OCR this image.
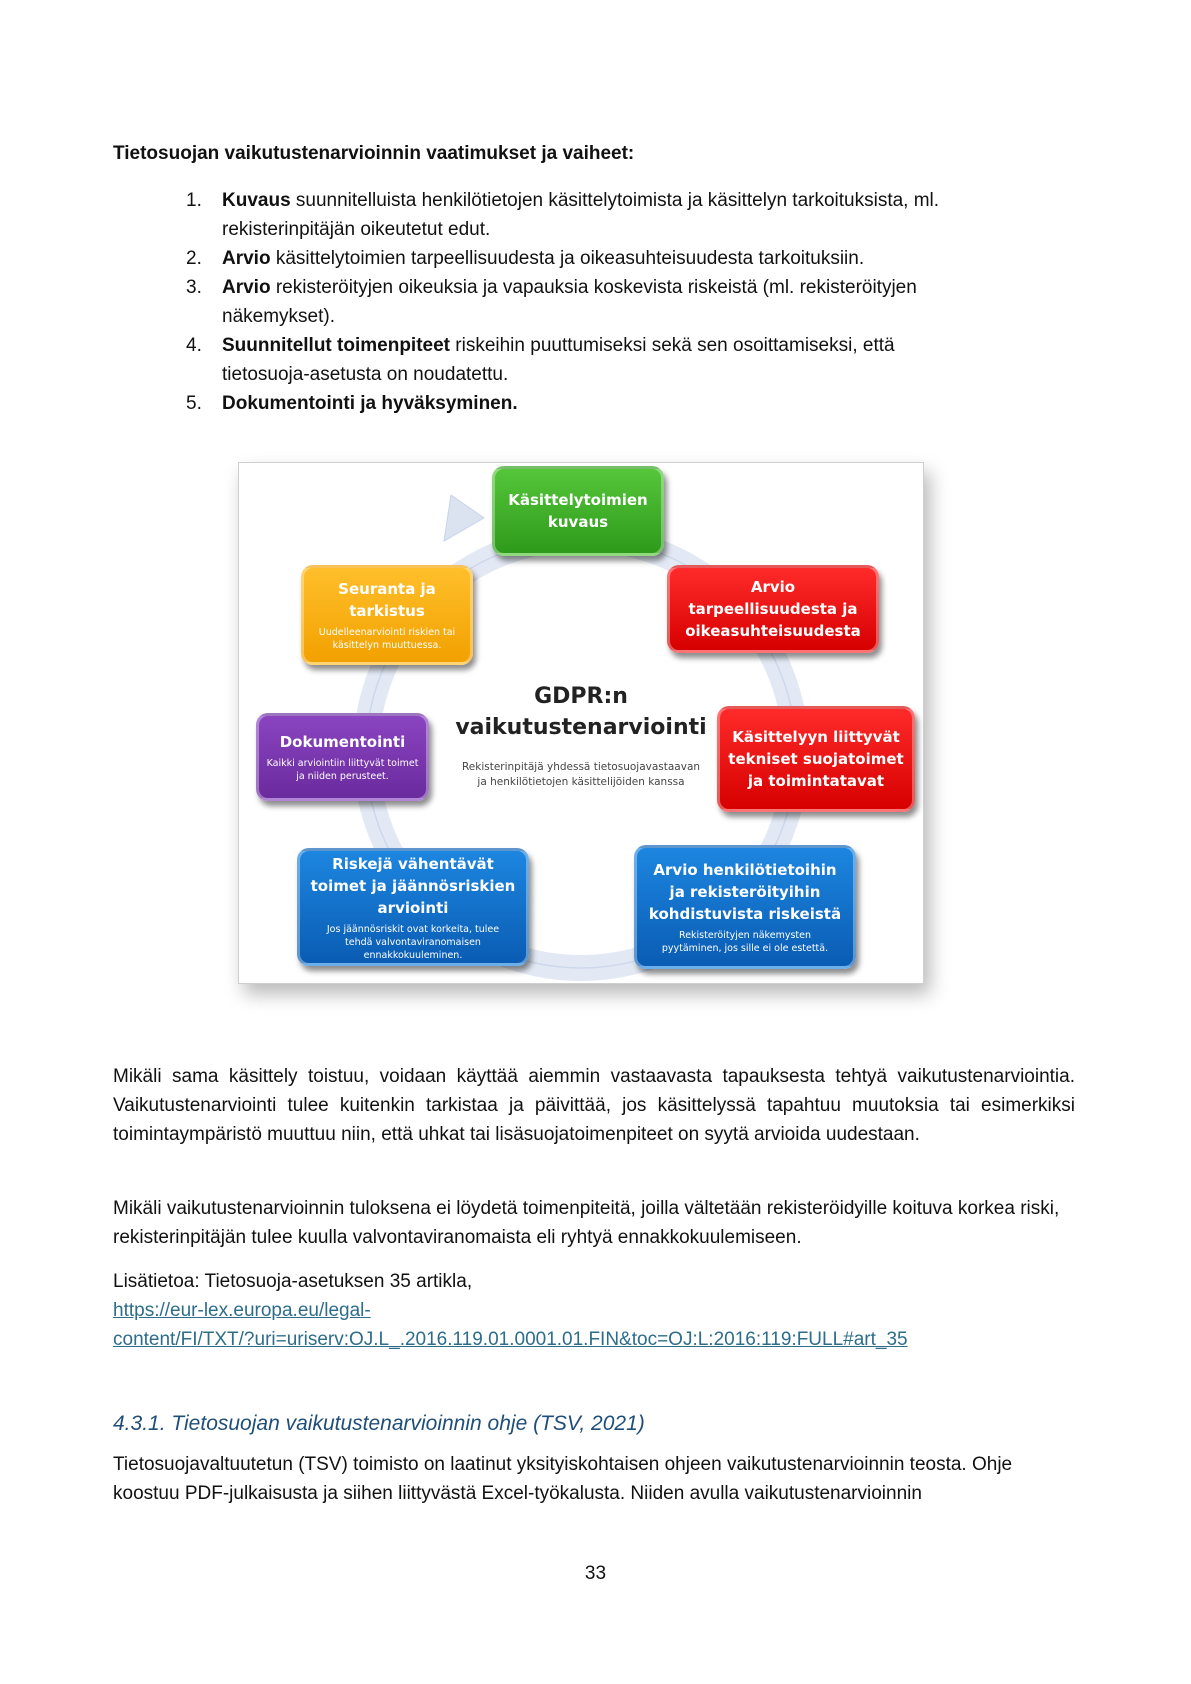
Tietosuojan vaikutustenarvioinnin vaatimukset ja vaiheet:
1. Kuvaus suunnitelluista henkilötietojen käsittelytoimista ja käsittelyn tarkoituksista, ml.
rekisterinpitäjän oikeutetut edut.
2. Arvio käsittelytoimien tarpeellisuudesta ja oikeasuhteisuudesta tarkoituksiin.
3. Arvio rekisteröityjen oikeuksia ja vapauksia koskevista riskeistä (ml. rekisteröityjen
näkemykset).
4. Suunnitellut toimenpiteet riskeihin puuttumiseksi sekä sen osoittamiseksi, että
tietosuoja-asetusta on noudatettu.
5. Dokumentointi ja hyväksyminen.
Käsittelytoimien kuvaus
Arvio tarpeellisuudesta ja oikeasuhteisuudesta
Seuranta ja tarkistus
Uudelleenarviointi riskien tai käsittelyn muuttuessa.
Dokumentointi
Kaikki arviointiin liittyvät toimet ja niiden perusteet.
Käsittelyyn liittyvät tekniset suojatoimet ja toimintatavat
Riskejä vähentävät toimet ja jäännösriskien arviointi
Jos jäännösriskit ovat korkeita, tulee tehdä valvontaviranomaisen ennakkokuuleminen.
Arvio henkilötietoihin ja rekisteröityihin kohdistuvista riskeistä
Rekisteröityjen näkemysten pyytäminen, jos sille ei ole estettä.
GDPR:n
vaikutustenarviointi
Rekisterinpitäjä yhdessä tietosuojavastaavan ja henkilötietojen käsittelijöiden kanssa

Mikäli sama käsittely toistuu, voidaan käyttää aiemmin vastaavasta tapauksesta tehtyä vaikutustenarviointia. Vaikutustenarviointi tulee kuitenkin tarkistaa ja päivittää, jos käsittelyssä tapahtuu muutoksia tai esimerkiksi toimintaympäristö muuttuu niin, että uhkat tai lisäsuojatoimenpiteet on syytä arvioida uudestaan.

Mikäli vaikutustenarvioinnin tuloksena ei löydetä toimenpiteitä, joilla vältetään rekisteröidyille koituva korkea riski, rekisterinpitäjän tulee kuulla valvontaviranomaista eli ryhtyä ennakkokuulemiseen.

Lisätietoa: Tietosuoja-asetuksen 35 artikla,
https://eur-lex.europa.eu/legal-
content/FI/TXT/?uri=uriserv:OJ.L_.2016.119.01.0001.01.FIN&toc=OJ:L:2016:119:FULL#art_35

4.3.1. Tietosuojan vaikutustenarvioinnin ohje (TSV, 2021)

Tietosuojavaltuutetun (TSV) toimisto on laatinut yksityiskohtaisen ohjeen vaikutustenarvioinnin teosta. Ohje koostuu PDF-julkaisusta ja siihen liittyvästä Excel-työkalusta. Niiden avulla vaikutustenarvioinnin

33
